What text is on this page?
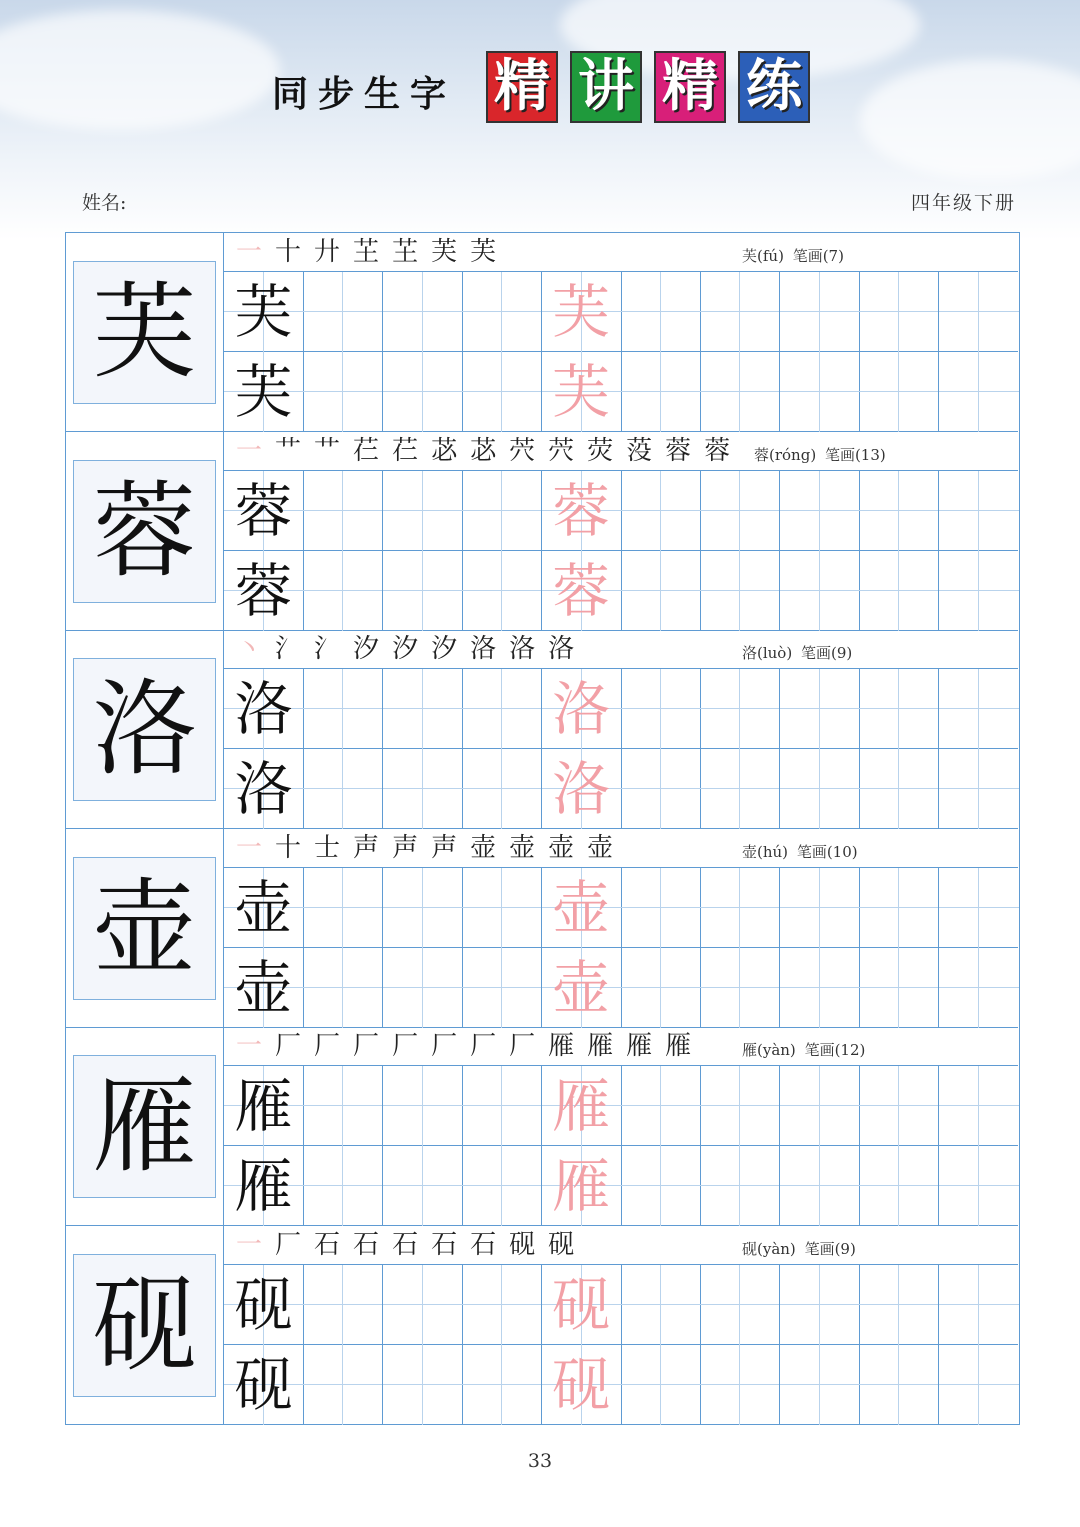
同步生字 精 讲 精 练
姓名:	四年级下册
芙
一 十 廾 芏 芏 芙 芙	芙(fú) 笔画(7)
芙	芙
芙	芙
蓉
一 艹 艹 芢 芢 苾 苾 茓 茓 荧 莈 蓉 蓉 蓉(róng) 笔画(13)
蓉	蓉
蓉	蓉
洛
丶 氵 氵 汐 汐 汐 洛 洛 洛	洛(luò) 笔画(9)
洛	洛
洛	洛
壶
一 十 士 声 声 声 壶 壶 壶 壶	壶(hú) 笔画(10)
壶	壶
壶	壶
雁
一 厂 厂 厂 厂 厂 厂 厂 雁 雁 雁 雁	雁(yàn) 笔画(12)
雁	雁
雁	雁
砚
一 厂 石 石 石 石 石 砚 砚	砚(yàn) 笔画(9)
砚	砚
砚	砚
33
